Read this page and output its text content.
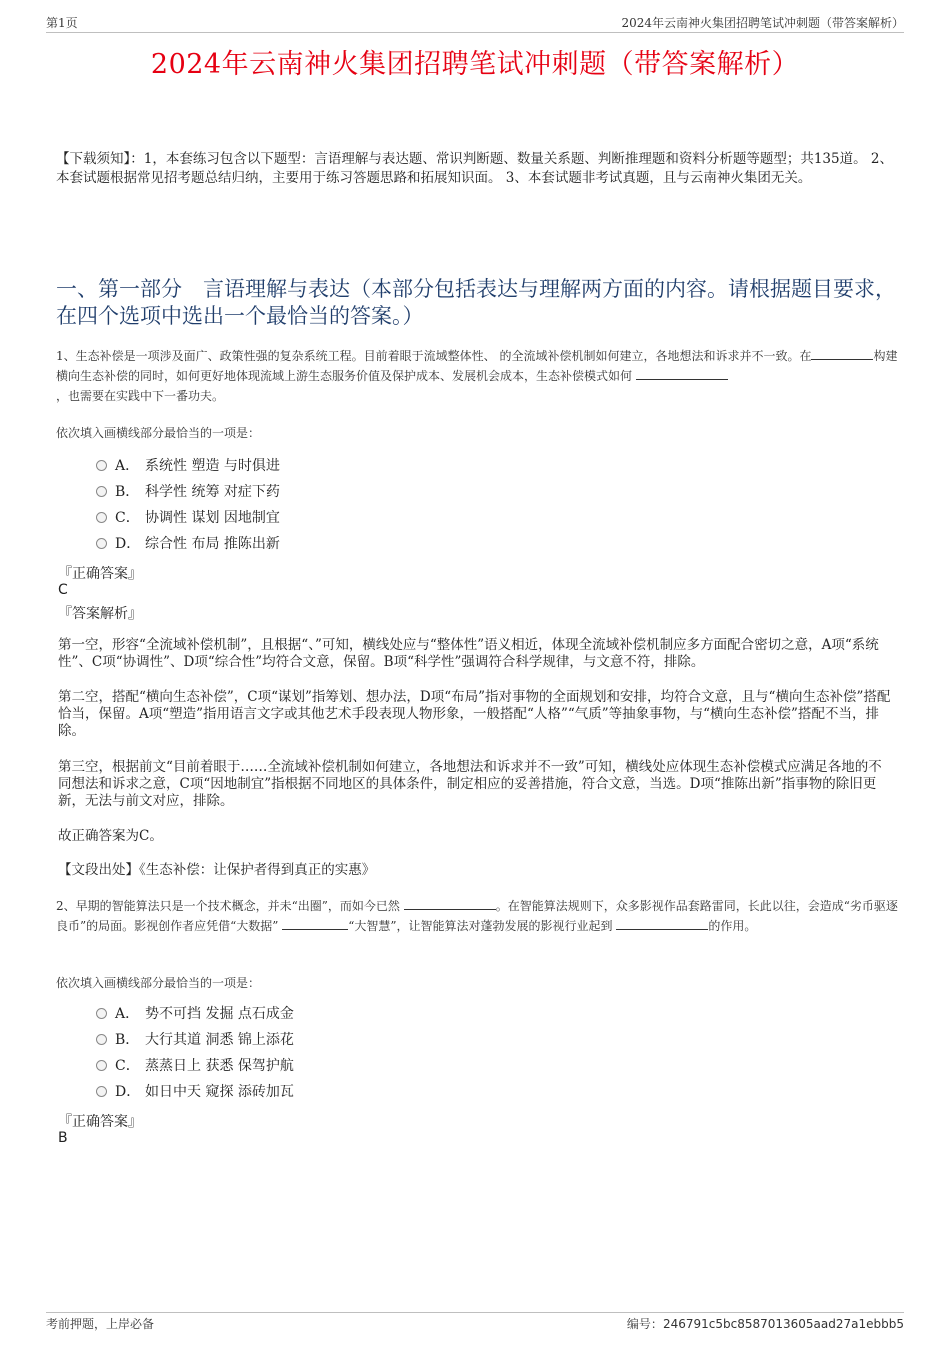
第1页	2024年云南神火集团招聘笔试冲刺题（带答案解析）
2024年云南神火集团招聘笔试冲刺题（带答案解析）
【下载须知】：1，本套练习包含以下题型：言语理解与表达题、常识判断题、数量关系题、判断推理题和资料分析题等题型；共135道。 2、本套试题根据常见招考题总结归纳，主要用于练习答题思路和拓展知识面。 3、本套试题非考试真题，且与云南神火集团无关。
一、第一部分　言语理解与表达（本部分包括表达与理解两方面的内容。请根据题目要求，在四个选项中选出一个最恰当的答案。）
1、生态补偿是一项涉及面广、政策性强的复杂系统工程。目前着眼于流域整体性、 的全流域补偿机制如何建立，各地想法和诉求并不一致。在	构建横向生态补偿的同时，如何更好地体现流域上游生态服务价值及保护成本、发展机会成本，生态补偿模式如何
，也需要在实践中下一番功夫。
依次填入画横线部分最恰当的一项是：
A． 系统性 塑造 与时俱进
B． 科学性 统筹 对症下药
C． 协调性 谋划 因地制宜
D． 综合性 布局 推陈出新
『正确答案』
C
『答案解析』
第一空，形容“全流域补偿机制”，且根据“、”可知，横线处应与“整体性”语义相近，体现全流域补偿机制应多方面配合密切之意，A项“系统性”、C项“协调性”、D项“综合性”均符合文意，保留。B项“科学性”强调符合科学规律，与文意不符，排除。
第二空，搭配“横向生态补偿”，C项“谋划”指筹划、想办法，D项“布局”指对事物的全面规划和安排，均符合文意，且与“横向生态补偿”搭配恰当，保留。A项“塑造”指用语言文字或其他艺术手段表现人物形象，一般搭配“人格”“气质”等抽象事物，与“横向生态补偿”搭配不当，排除。
第三空，根据前文“目前着眼于……全流域补偿机制如何建立，各地想法和诉求并不一致”可知，横线处应体现生态补偿模式应满足各地的不同想法和诉求之意，C项“因地制宜”指根据不同地区的具体条件，制定相应的妥善措施，符合文意，当选。D项“推陈出新”指事物的除旧更新，无法与前文对应，排除。
故正确答案为C。
【文段出处】《生态补偿：让保护者得到真正的实惠》
2、早期的智能算法只是一个技术概念，并未“出圈”，而如今已然	。在智能算法规则下，众多影视作品套路雷同，长此以往，会造成“劣币驱逐良币”的局面。影视创作者应凭借“大数据”	“大智慧”，让智能算法对蓬勃发展的影视行业起到	的作用。
依次填入画横线部分最恰当的一项是：
A． 势不可挡 发掘 点石成金
B． 大行其道 洞悉 锦上添花
C． 蒸蒸日上 获悉 保驾护航
D． 如日中天 窥探 添砖加瓦
『正确答案』
B
考前押题，上岸必备	编号：246791c5bc8587013605aad27a1ebbb5
